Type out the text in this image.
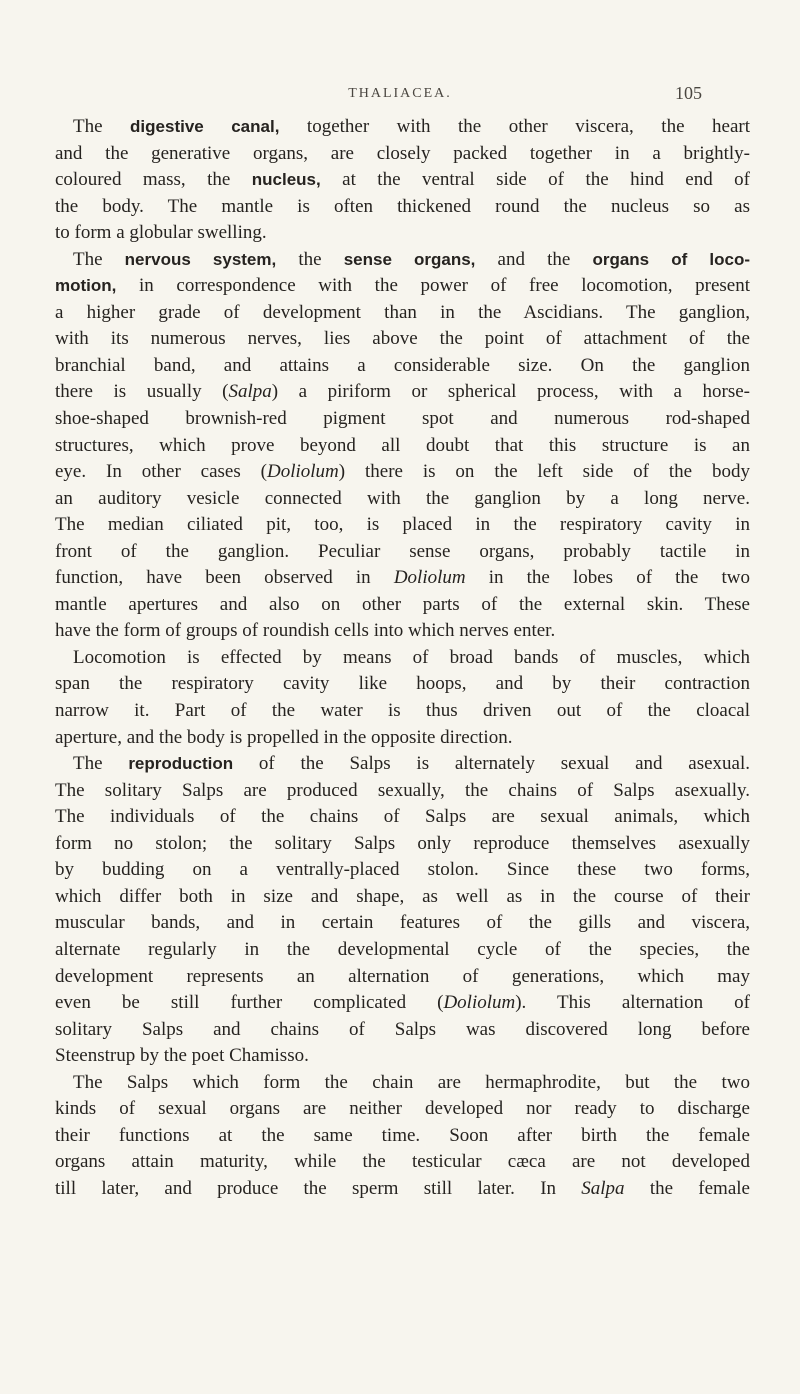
THALIACEA.	105
The digestive canal, together with the other viscera, the heart
and the generative organs, are closely packed together in a brightly-
coloured mass, the nucleus, at the ventral side of the hind end of
the body. The mantle is often thickened round the nucleus so as
to form a globular swelling.
The nervous system, the sense organs, and the organs of loco-
motion, in correspondence with the power of free locomotion, present
a higher grade of development than in the Ascidians. The ganglion,
with its numerous nerves, lies above the point of attachment of the
branchial band, and attains a considerable size. On the ganglion
there is usually (Salpa) a piriform or spherical process, with a horse-
shoe-shaped brownish-red pigment spot and numerous rod-shaped
structures, which prove beyond all doubt that this structure is an
eye. In other cases (Doliolum) there is on the left side of the body
an auditory vesicle connected with the ganglion by a long nerve.
The median ciliated pit, too, is placed in the respiratory cavity in
front of the ganglion. Peculiar sense organs, probably tactile in
function, have been observed in Doliolum in the lobes of the two
mantle apertures and also on other parts of the external skin. These
have the form of groups of roundish cells into which nerves enter.
Locomotion is effected by means of broad bands of muscles, which
span the respiratory cavity like hoops, and by their contraction
narrow it. Part of the water is thus driven out of the cloacal
aperture, and the body is propelled in the opposite direction.
The reproduction of the Salps is alternately sexual and asexual.
The solitary Salps are produced sexually, the chains of Salps asexually.
The individuals of the chains of Salps are sexual animals, which
form no stolon; the solitary Salps only reproduce themselves asexually
by budding on a ventrally-placed stolon. Since these two forms,
which differ both in size and shape, as well as in the course of their
muscular bands, and in certain features of the gills and viscera,
alternate regularly in the developmental cycle of the species, the
development represents an alternation of generations, which may
even be still further complicated (Doliolum). This alternation of
solitary Salps and chains of Salps was discovered long before
Steenstrup by the poet Chamisso.
The Salps which form the chain are hermaphrodite, but the two
kinds of sexual organs are neither developed nor ready to discharge
their functions at the same time. Soon after birth the female
organs attain maturity, while the testicular cæca are not developed
till later, and produce the sperm still later. In Salpa the female
